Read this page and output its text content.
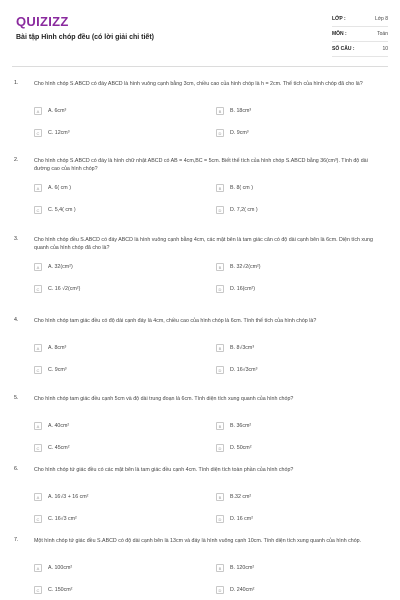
QUIZIZZ
Bài tập Hình chóp đều (có lời giải chi tiết)
LỚP :	Lớp 8
MÔN :	Toán
SỐ CÂU :	10
1.	Cho hình chóp S.ABCD có đáy ABCD là hình vuông cạnh bằng 3cm, chiều cao của hình chóp là h = 2cm. Thể tích của hình chóp đã cho là?
A	A. 6cm³	B	B. 18cm³
C	C. 12cm³	D	D. 9cm³
2.	Cho hình chóp S.ABCD có đáy là hình chữ nhật ABCD có AB = 4cm,BC = 5cm. Biết thể tích của hình chóp S.ABCD bằng 36(cm³). Tính độ dài đường cao của hình chóp?
A	A. 6( cm )	B	B. 8( cm )
C	C. 5,4( cm )	D	D. 7,2( cm )
3.	Cho hình chóp đều S.ABCD có đáy ABCD là hình vuông cạnh bằng 4cm, các mặt bên là tam giác cân có độ dài cạnh bên là 6cm. Diện tích xung quanh của hình chóp đã cho là?
A	A. 32(cm²)	B	B. 32√2(cm²)
C	C. 16 √2(cm²)	D	D. 16(cm²)
4.	Cho hình chóp tam giác đều có độ dài cạnh đáy là 4cm, chiều cao của hình chóp là 6cm. Tính thể tích của hình chóp là?
A	A. 8cm³	B	B. 8√3cm³
C	C. 9cm³	D	D. 16√3cm³
5.	Cho hình chóp tam giác đều cạnh 5cm và độ dài trung đoạn là 6cm. Tính diện tích xung quanh của hình chóp?
A	A. 40cm²	B	B. 36cm²
C	C. 45cm²	D	D. 50cm²
6.	Cho hình chóp tứ giác đều có các mặt bên là tam giác đều cạnh 4cm. Tính diện tích toàn phần của hình chóp?
A	A. 16√3 + 16 cm²	B	B.32 cm²
C	C. 16√3 cm²	D	D. 16 cm²
7.	Một hình chóp tứ giác đều S.ABCD có độ dài cạnh bên là 13cm và đáy là hình vuông cạnh 10cm. Tính diện tích xung quanh của hình chóp.
A	A. 100cm²	B	B. 120cm²
C	C. 150cm²	D	D. 240cm²
